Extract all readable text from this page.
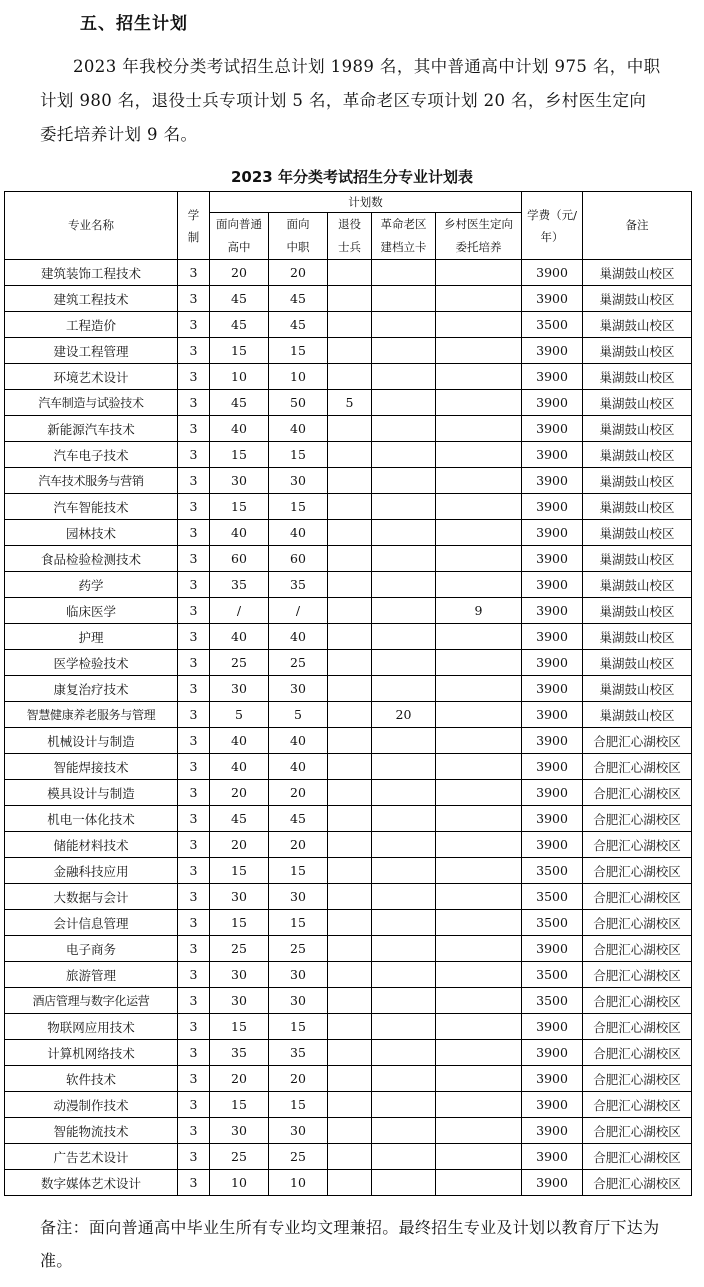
五、招生计划
2023 年我校分类考试招生总计划 1989 名，其中普通高中计划 975 名，中职计划 980 名，退役士兵专项计划 5 名，革命老区专项计划 20 名，乡村医生定向委托培养计划 9 名。
2023 年分类考试招生分专业计划表
专业名称	学制	计划数					学费（元/年）	备注
		面向普通高中	面向中职	退役士兵	革命老区建档立卡	乡村医生定向委托培养		
建筑装饰工程技术	3	20	20				3900	巢湖鼓山校区
建筑工程技术	3	45	45				3900	巢湖鼓山校区
工程造价	3	45	45				3500	巢湖鼓山校区
建设工程管理	3	15	15				3900	巢湖鼓山校区
环境艺术设计	3	10	10				3900	巢湖鼓山校区
汽车制造与试验技术	3	45	50	5			3900	巢湖鼓山校区
新能源汽车技术	3	40	40				3900	巢湖鼓山校区
汽车电子技术	3	15	15				3900	巢湖鼓山校区
汽车技术服务与营销	3	30	30				3900	巢湖鼓山校区
汽车智能技术	3	15	15				3900	巢湖鼓山校区
园林技术	3	40	40				3900	巢湖鼓山校区
食品检验检测技术	3	60	60				3900	巢湖鼓山校区
药学	3	35	35				3900	巢湖鼓山校区
临床医学	3	/	/			9	3900	巢湖鼓山校区
护理	3	40	40				3900	巢湖鼓山校区
医学检验技术	3	25	25				3900	巢湖鼓山校区
康复治疗技术	3	30	30				3900	巢湖鼓山校区
智慧健康养老服务与管理	3	5	5		20		3900	巢湖鼓山校区
机械设计与制造	3	40	40				3900	合肥汇心湖校区
智能焊接技术	3	40	40				3900	合肥汇心湖校区
模具设计与制造	3	20	20				3900	合肥汇心湖校区
机电一体化技术	3	45	45				3900	合肥汇心湖校区
储能材料技术	3	20	20				3900	合肥汇心湖校区
金融科技应用	3	15	15				3500	合肥汇心湖校区
大数据与会计	3	30	30				3500	合肥汇心湖校区
会计信息管理	3	15	15				3500	合肥汇心湖校区
电子商务	3	25	25				3900	合肥汇心湖校区
旅游管理	3	30	30				3500	合肥汇心湖校区
酒店管理与数字化运营	3	30	30				3500	合肥汇心湖校区
物联网应用技术	3	15	15				3900	合肥汇心湖校区
计算机网络技术	3	35	35				3900	合肥汇心湖校区
软件技术	3	20	20				3900	合肥汇心湖校区
动漫制作技术	3	15	15				3900	合肥汇心湖校区
智能物流技术	3	30	30				3900	合肥汇心湖校区
广告艺术设计	3	25	25				3900	合肥汇心湖校区
数字媒体艺术设计	3	10	10				3900	合肥汇心湖校区
备注：面向普通高中毕业生所有专业均文理兼招。最终招生专业及计划以教育厅下达为准。
